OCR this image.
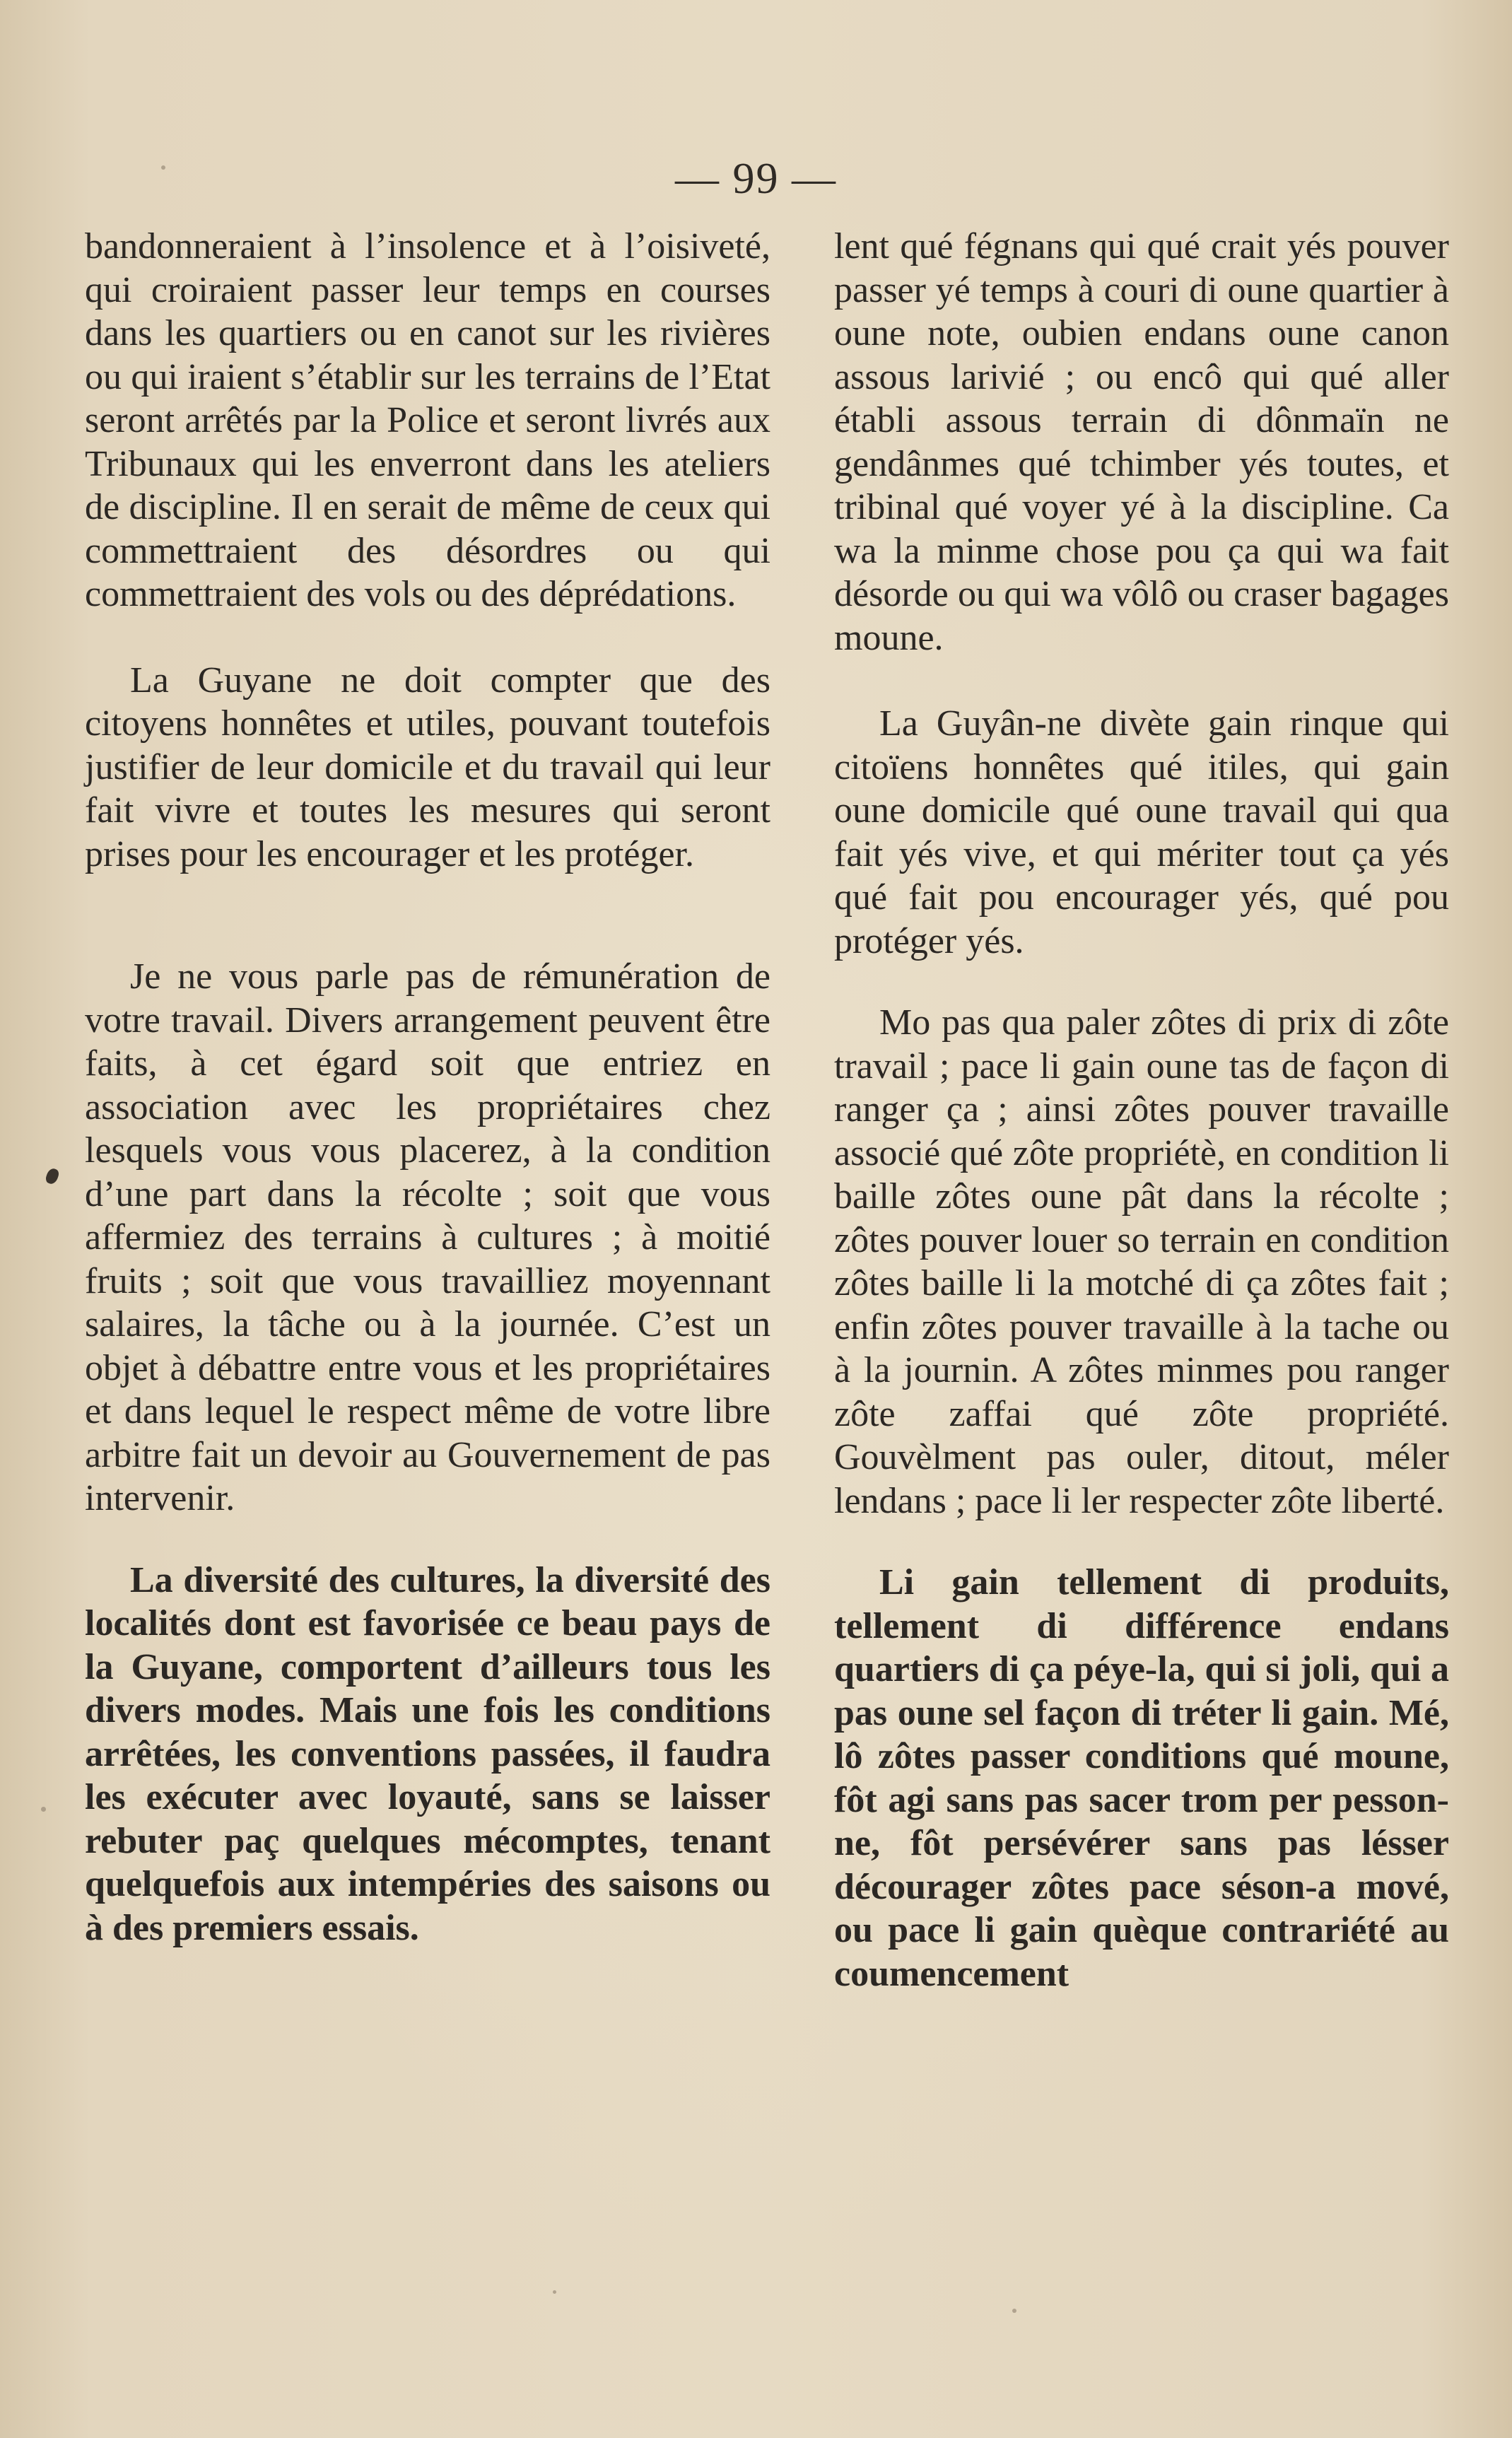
— 99 —

bandonneraient à l’insolence et à l’oisiveté, qui croiraient passer leur temps en courses dans les quartiers ou en canot sur les rivières ou qui iraient s’établir sur les terrains de l’Etat seront arrêtés par la Police et seront livrés aux Tribunaux qui les enverront dans les ateliers de discipline. Il en serait de même de ceux qui commettraient des désordres ou qui commettraient des vols ou des déprédations.

La Guyane ne doit compter que des citoyens honnêtes et utiles, pouvant toutefois justifier de leur domicile et du travail qui leur fait vivre et toutes les mesures qui seront prises pour les encourager et les protéger.

Je ne vous parle pas de rémunération de votre travail. Divers arrangement peuvent être faits, à cet égard soit que entriez en association avec les propriétaires chez lesquels vous vous placerez, à la condition d’une part dans la récolte ; soit que vous affermiez des terrains à cultures ; à moitié fruits ; soit que vous travailliez moyennant salaires, la tâche ou à la journée. C’est un objet à débattre entre vous et les propriétaires et dans lequel le respect même de votre libre arbitre fait un devoir au Gouvernement de pas intervenir.

La diversité des cultures, la diversité des localités dont est favorisée ce beau pays de la Guyane, comportent d’ailleurs tous les divers modes. Mais une fois les conditions arrêtées, les conventions passées, il faudra les exécuter avec loyauté, sans se laisser rebuter paç quelques mécomptes, tenant quelquefois aux intempéries des saisons ou à des premiers essais.

lent qué fégnans qui qué crait yés pouver passer yé temps à couri di oune quartier à oune note, oubien endans oune canon assous larivié ; ou encô qui qué aller établi assous terrain di dônmaïn ne gendânmes qué tchimber yés toutes, et tribinal qué voyer yé à la discipline. Ca wa la minme chose pou ça qui wa fait désorde ou qui wa vôlô ou craser bagages moune.

La Guyân-ne divète gain rinque qui citoïens honnêtes qué itiles, qui gain oune domicile qué oune travail qui qua fait yés vive, et qui mériter tout ça yés qué fait pou encourager yés, qué pou protéger yés.

Mo pas qua paler zôtes di prix di zôte travail ; pace li gain oune tas de façon di ranger ça ; ainsi zôtes pouver travaille associé qué zôte propriétè, en condition li baille zôtes oune pât dans la récolte ; zôtes pouver louer so terrain en condition zôtes baille li la motché di ça zôtes fait ; enfin zôtes pouver travaille à la tache ou à la journin. A zôtes minmes pou ranger zôte zaffai qué zôte propriété. Gouvèlment pas ouler, ditout, méler lendans ; pace li ler respecter zôte liberté.

Li gain tellement di produits, tellement di différence endans quartiers di ça péye-la, qui si joli, qui a pas oune sel façon di tréter li gain. Mé, lô zôtes passer conditions qué moune, fôt agi sans pas sacer trom per pesson-ne, fôt persévérer sans pas lésser décourager zôtes pace séson-a mové, ou pace li gain quèque contrariété au coumencement
